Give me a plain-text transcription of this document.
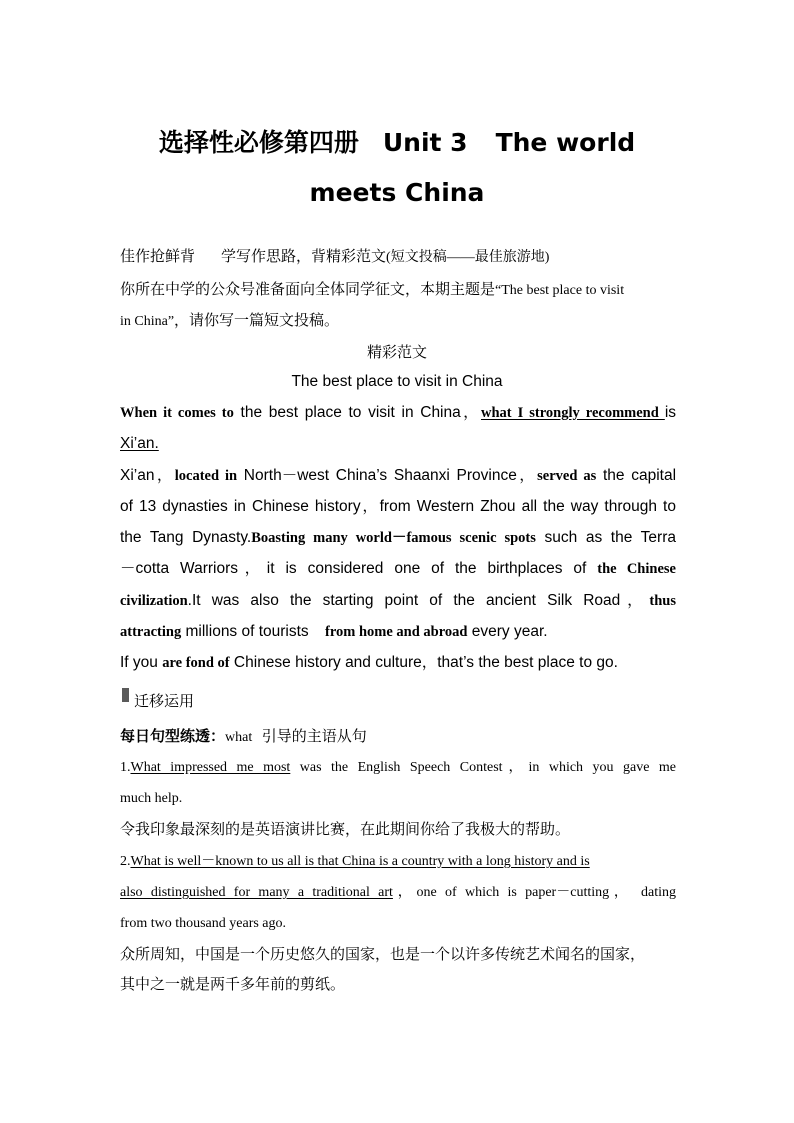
选择性必修第四册 Unit 3 The world
meets China
佳作抢鲜背 学写作思路，背精彩范文(短文投稿——最佳旅游地)
你所在中学的公众号准备面向全体同学征文，本期主题是“The best place to visit
in China”，请你写一篇短文投稿。
精彩范文
The best place to visit in China
When it comes to the best place to visit in China，what I strongly recommend is
Xi’an.
Xi’an，located in North－west China’s Shaanxi Province，served as the capital
of 13 dynasties in Chinese history，from Western Zhou all the way through to
the Tang Dynasty.Boasting many world－famous scenic spots such as the Terra
－cotta Warriors，it is considered one of the birthplaces of the Chinese
civilization.It was also the starting point of the ancient Silk Road，thus
attracting millions of tourists from home and abroad every year.
If you are fond of Chinese history and culture，that’s the best place to go.
迁移运用
每日句型练透：what 引导的主语从句
1.What impressed me most was the English Speech Contest，in which you gave me
much help.
令我印象最深刻的是英语演讲比赛，在此期间你给了我极大的帮助。
2.What is well－known to us all is that China is a country with a long history and is
also distinguished for many a traditional art，one of which is paper－cutting， dating
from two thousand years ago.
众所周知，中国是一个历史悠久的国家，也是一个以许多传统艺术闻名的国家，
其中之一就是两千多年前的剪纸。
